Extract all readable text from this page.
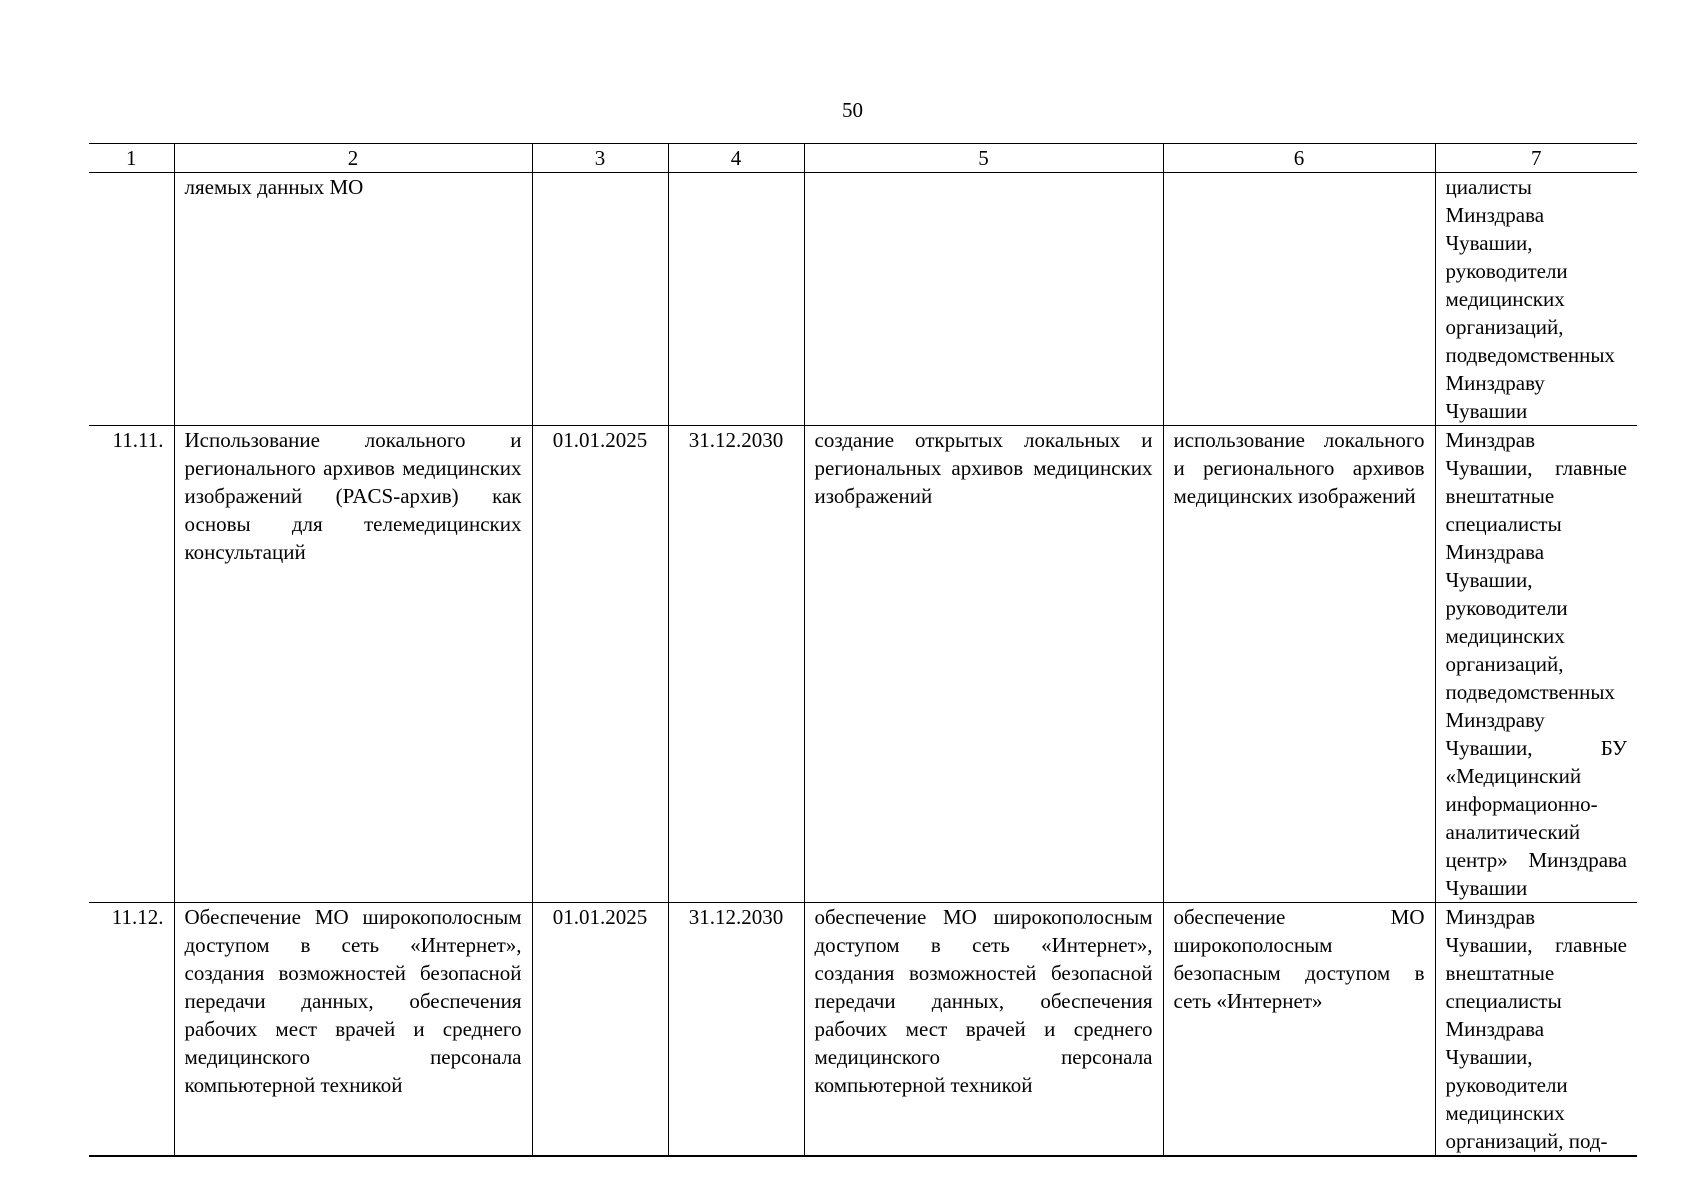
50
1	2	3	4	5	6	7
	ляемых данных МО					циалисты Минздрава Чувашии, руководители медицинских организаций, подведомственных Минздраву Чувашии
11.11.	Использование локального и регионального архивов медицинских изображений (PACS-архив) как основы для телемедицинских консультаций	01.01.2025	31.12.2030	создание открытых локальных и региональных архивов медицинских изображений	использование локального и регионального архивов медицинских изображений	Минздрав Чувашии, главные внештатные специалисты Минздрава Чувашии, руководители медицинских организаций, подведомственных Минздраву Чувашии, БУ «Медицинский информационно-аналитический центр» Минздрава Чувашии
11.12.	Обеспечение МО широкополосным доступом в сеть «Интернет», создания возможностей безопасной передачи данных, обеспечения рабочих мест врачей и среднего медицинского персонала компьютерной техникой	01.01.2025	31.12.2030	обеспечение МО широкополосным доступом в сеть «Интернет», создания возможностей безопасной передачи данных, обеспечения рабочих мест врачей и среднего медицинского персонала компьютерной техникой	обеспечение МО широкополосным безопасным доступом в сеть «Интернет»	Минздрав Чувашии, главные внештатные специалисты Минздрава Чувашии, руководители медицинских организаций, под-
